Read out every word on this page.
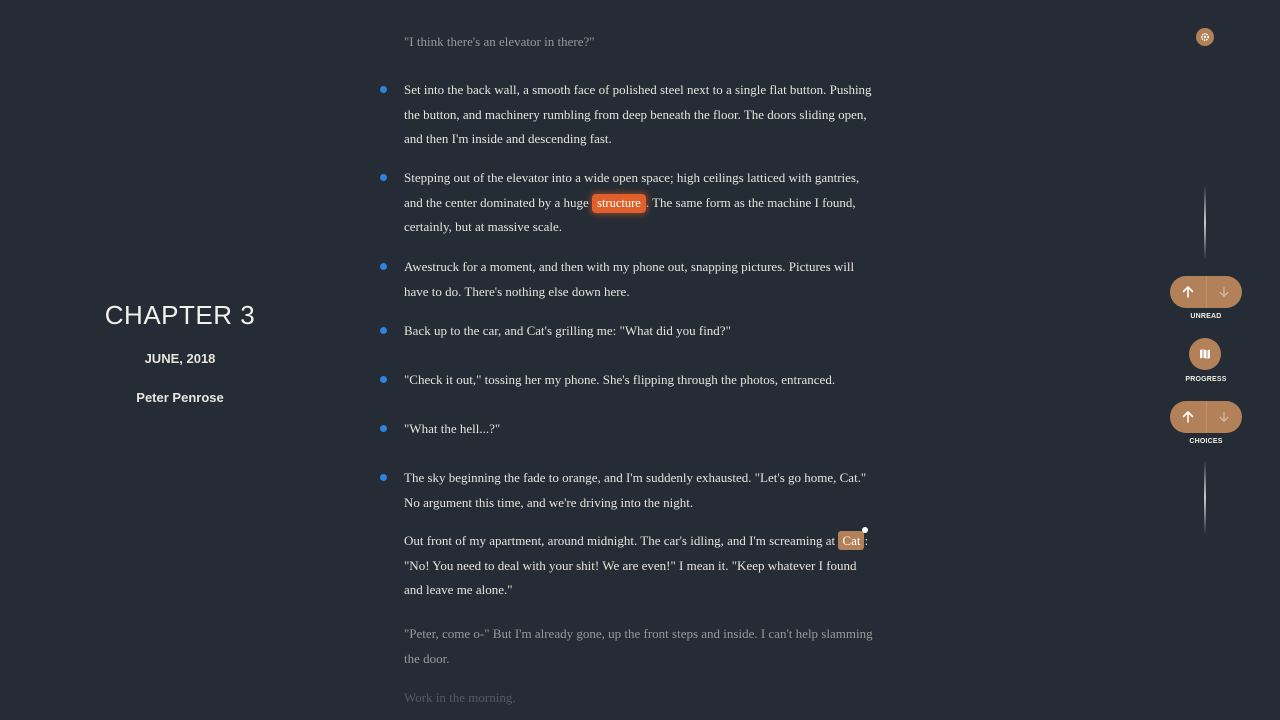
CHAPTER 3
JUNE, 2018
Peter Penrose

"I think there's an elevator in there?"
Set into the back wall, a smooth face of polished steel next to a single flat button. Pushing the button, and machinery rumbling from deep beneath the floor. The doors sliding open, and then I'm inside and descending fast.
Stepping out of the elevator into a wide open space; high ceilings latticed with gantries, and the center dominated by a huge structure . The same form as the machine I found, certainly, but at massive scale.
Awestruck for a moment, and then with my phone out, snapping pictures. Pictures will have to do. There's nothing else down here.
Back up to the car, and Cat's grilling me: "What did you find?"
"Check it out," tossing her my phone. She's flipping through the photos, entranced.
"What the hell...?"
The sky beginning the fade to orange, and I'm suddenly exhausted. "Let's go home, Cat." No argument this time, and we're driving into the night.
Out front of my apartment, around midnight. The car's idling, and I'm screaming at Cat : "No! You need to deal with your shit! We are even!" I mean it. "Keep whatever I found and leave me alone."
"Peter, come o-" But I'm already gone, up the front steps and inside. I can't help slamming the door.
Work in the morning.
UNREAD
PROGRESS
CHOICES
